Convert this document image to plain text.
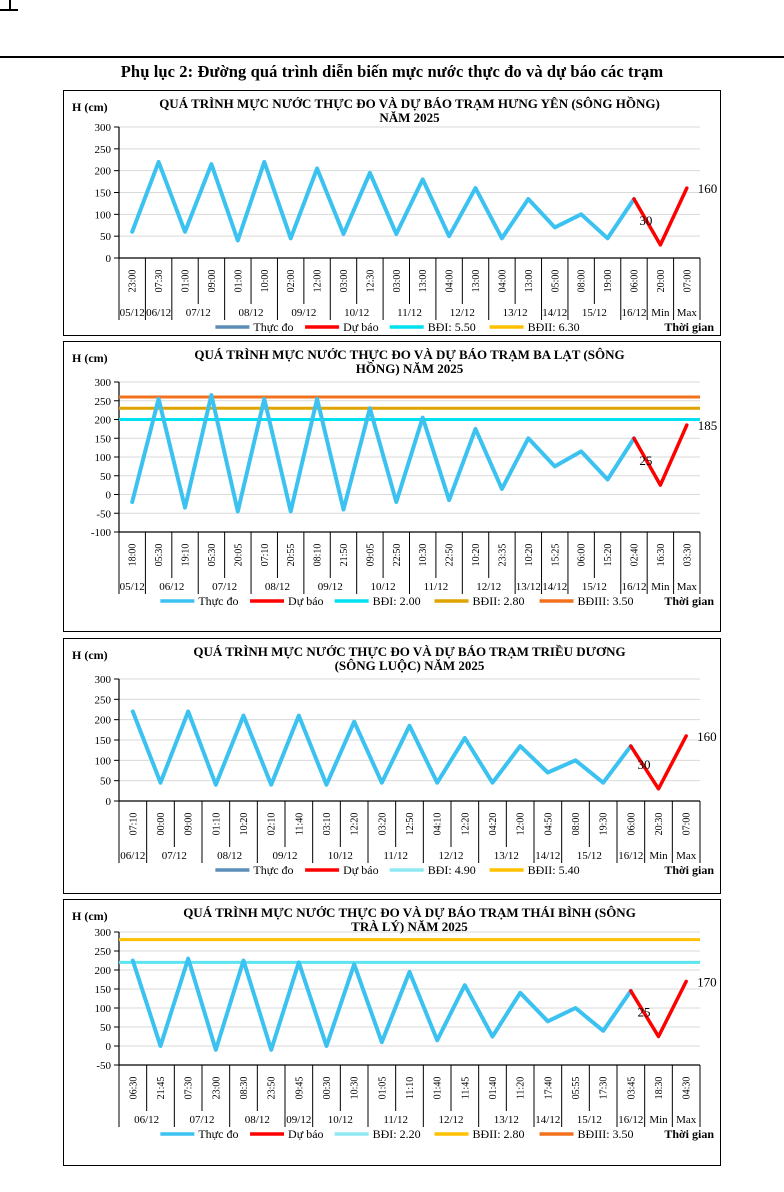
Phụ lục 2: Đường quá trình diễn biến mực nước thực đo và dự báo các trạm
0
50
100
150
200
250
300
23:00 07:30 01:00 09:00 01:00 10:00 02:00 12:00 03:00 12:30 03:00 13:00 04:00 13:00 04:00 13:00 05:00 08:00 19:00 06:00 20:00 07:00
05/12 06/12 07/12	08/12	09/12	10/12	11/12	12/12	13/12 14/12 15/12 16/12 Min Max
30
160
QUÁ TRÌNH MỰC NƯỚC THỰC ĐO VÀ DỰ BÁO TRẠM HƯNG YÊN (SÔNG HỒNG)
NĂM 2025
H (cm)
Thực đo	Dự báo	BĐI: 5.50	BĐII: 6.30	Thời gian
-100
-50
0
50
100
150
200
250
300
18:00 05:30 19:10 05:30 20:05 07:10 20:55 08:10 21:50 09:05 22:50 10:30 22:50 10:20 23:35 10:20 15:25 06:00 15:20 02:40 16:30 03:30
05/12 06/12	07/12	08/12	09/12	10/12	11/12	12/12 13/12 14/12 15/12 16/12 Min Max
25
185
QUÁ TRÌNH MỰC NƯỚC THỰC ĐO VÀ DỰ BÁO TRẠM BA LẠT (SÔNG
HỒNG) NĂM 2025
H (cm)
Thực đo	Dự báo	BĐI: 2.00	BĐII: 2.80	BĐIII: 3.50	Thời gian
0
50
100
150
200
250
300
07:10 00:00 09:00 01:10 10:20 02:10 11:40 03:10 12:20 03:20 12:50 04:10 12:20 04:20 12:00 04:50 08:00 19:30 06:00 20:30 07:00
06/12 07/12	08/12	09/12	10/12	11/12	12/12	13/12 14/12 15/12 16/12 Min Max
30
160
QUÁ TRÌNH MỰC NƯỚC THỰC ĐO VÀ DỰ BÁO TRẠM TRIỀU DƯƠNG
(SÔNG LUỘC) NĂM 2025
H (cm)
Thực đo	Dự báo	BĐI: 4.90	BĐII: 5.40	Thời gian
-50
0
50
100
150
200
250
300
06:30 21:45 07:30 23:00 08:30 23:50 09:45 00:30 10:30 01:05 11:10 01:40 11:45 01:40 11:20 17:40 05:55 17:30 03:45 18:30 04:30
06/12	07/12	08/12 09/12 10/12	11/12	12/12	13/12 14/12 15/12 16/12 Min Max
25
170
QUÁ TRÌNH MỰC NƯỚC THỰC ĐO VÀ DỰ BÁO TRẠM THÁI BÌNH (SÔNG
TRÀ LÝ) NĂM 2025
H (cm)
Thực đo	Dự báo	BĐI: 2.20	BĐII: 2.80	BĐIII: 3.50	Thời gian
